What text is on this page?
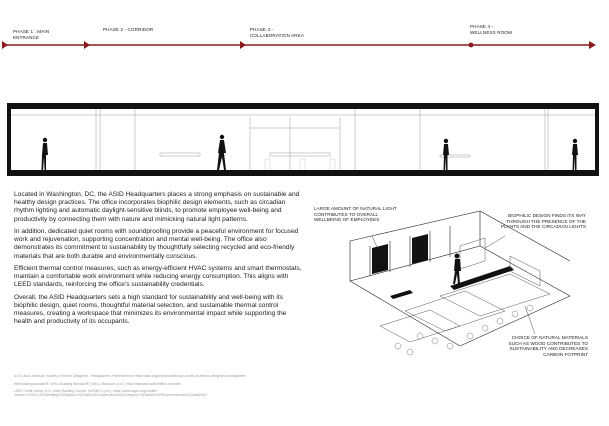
PHASE 1 : MAIN ENTRANCE
PHASE 2 - CORRIDOR	PHASE 3 - COLLABORATION AREA
PHASE 4 - WELLNESS ROOM

Located in Washington, DC, the ASID Headquarters places a strong emphasis on sustainable and healthy design practices. The office incorporates biophilic design elements, such as circadian rhythm lighting and automatic daylight-sensitive blinds, to promote employee well-being and productivity by connecting them with nature and mimicking natural light patterns.

In addition, dedicated quiet rooms with soundproofing provide a peaceful environment for focused work and rejuvenation, supporting concentration and mental well-being. The office also demonstrates its commitment to sustainability by thoughtfully selecting recycled and eco-friendly materials that are both durable and environmentally conscious.

Efficient thermal control measures, such as energy-efficient HVAC systems and smart thermostats, maintain a comfortable work environment while reducing energy consumption. This aligns with LEED standards, reinforcing the office's sustainability credentials.

Overall, the ASID Headquarters sets a high standard for sustainability and well-being with its biophilic design, quiet rooms, thoughtful material selection, and sustainable thermal control measures, creating a workspace that minimizes its environmental impact while supporting the health and productivity of its occupants.

(n.d.). Asid. American Society of Interior Designers - Headquarters. Retrieved from https://asid.org/projects/american-society-of-interior-designers-headquarters

Well building standard®. WELL Building Standard® | WELL Standard. (n.d.). https://standard.wellcertified.com/well

LEED Credit Library. U.S. Green Building Council. (USGBC). (n.d.). https://www.usgbc.org/credits?Version=%22v4.1%22&Rating%20System=%22New%20Construction%22&Category=%22Indoor%20Environmental%20Quality%22

LARGE AMOUNT OF NATURAL LIGHT CONTRIBUTES TO OVERALL WELLBEING OF EMPLOYEES
BIOPHILIC DESIGN FINDS ITS WAY THROUGH THE PRESENCE OF THE PLANTS AND THE CIRCADIAN LIGHTS
CHOICE OF NATURAL MATERIALS SUCH AS WOOD CONTRIBUTES TO SUSTAINABILITY AND DECREASES CARBON FOTPRINT
